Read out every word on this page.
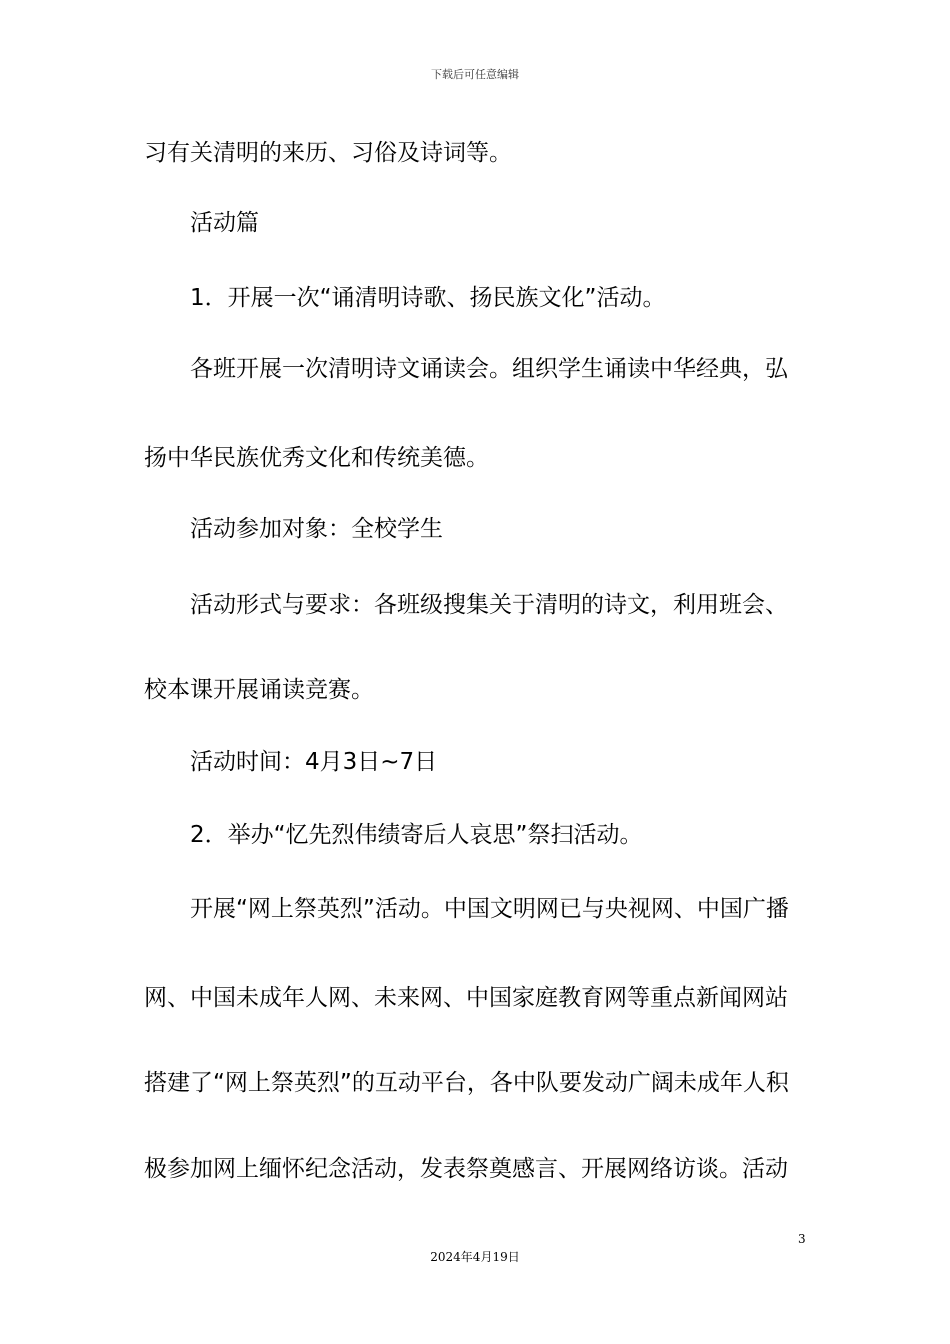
下载后可任意编辑
习有关清明的来历、习俗及诗词等。
活动篇
1．开展一次“诵清明诗歌、扬民族文化”活动。
各班开展一次清明诗文诵读会。组织学生诵读中华经典，弘
扬中华民族优秀文化和传统美德。
活动参加对象：全校学生
活动形式与要求：各班级搜集关于清明的诗文，利用班会、
校本课开展诵读竞赛。
活动时间：4月3日~7日
2．举办“忆先烈伟绩寄后人哀思”祭扫活动。
开展“网上祭英烈”活动。中国文明网已与央视网、中国广播
网、中国未成年人网、未来网、中国家庭教育网等重点新闻网站
搭建了“网上祭英烈”的互动平台，各中队要发动广阔未成年人积
极参加网上缅怀纪念活动，发表祭奠感言、开展网络访谈。活动
3
2024年4月19日
